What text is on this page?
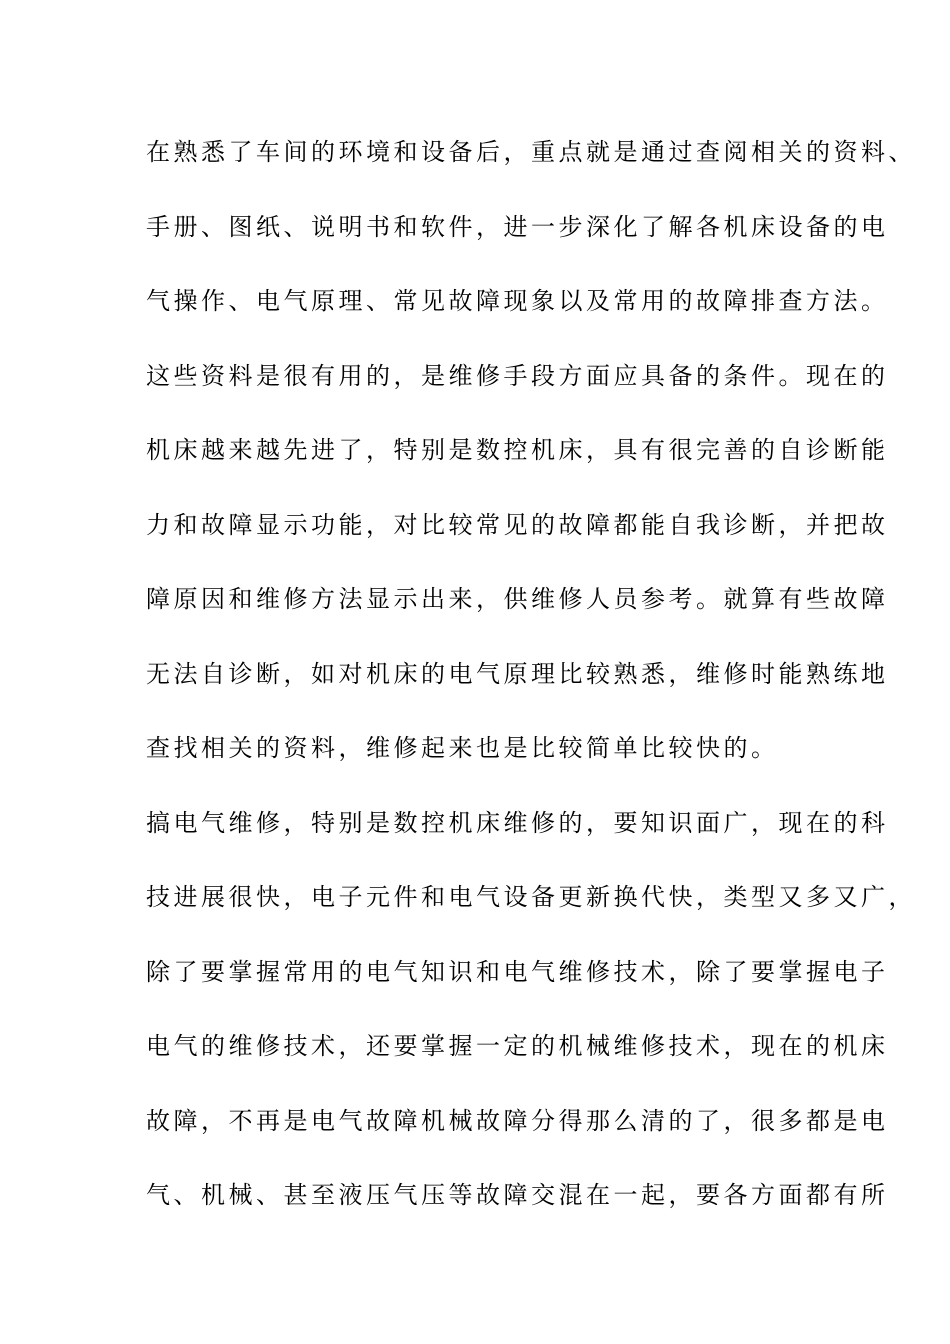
在熟悉了车间的环境和设备后，重点就是通过查阅相关的资料、
手册、图纸、说明书和软件，进一步深化了解各机床设备的电
气操作、电气原理、常见故障现象以及常用的故障排查方法。
这些资料是很有用的，是维修手段方面应具备的条件。现在的
机床越来越先进了，特别是数控机床，具有很完善的自诊断能
力和故障显示功能，对比较常见的故障都能自我诊断，并把故
障原因和维修方法显示出来，供维修人员参考。就算有些故障
无法自诊断，如对机床的电气原理比较熟悉，维修时能熟练地
查找相关的资料，维修起来也是比较简单比较快的。
搞电气维修，特别是数控机床维修的，要知识面广，现在的科
技进展很快，电子元件和电气设备更新换代快，类型又多又广，
除了要掌握常用的电气知识和电气维修技术，除了要掌握电子
电气的维修技术，还要掌握一定的机械维修技术，现在的机床
故障，不再是电气故障机械故障分得那么清的了，很多都是电
气、机械、甚至液压气压等故障交混在一起，要各方面都有所
